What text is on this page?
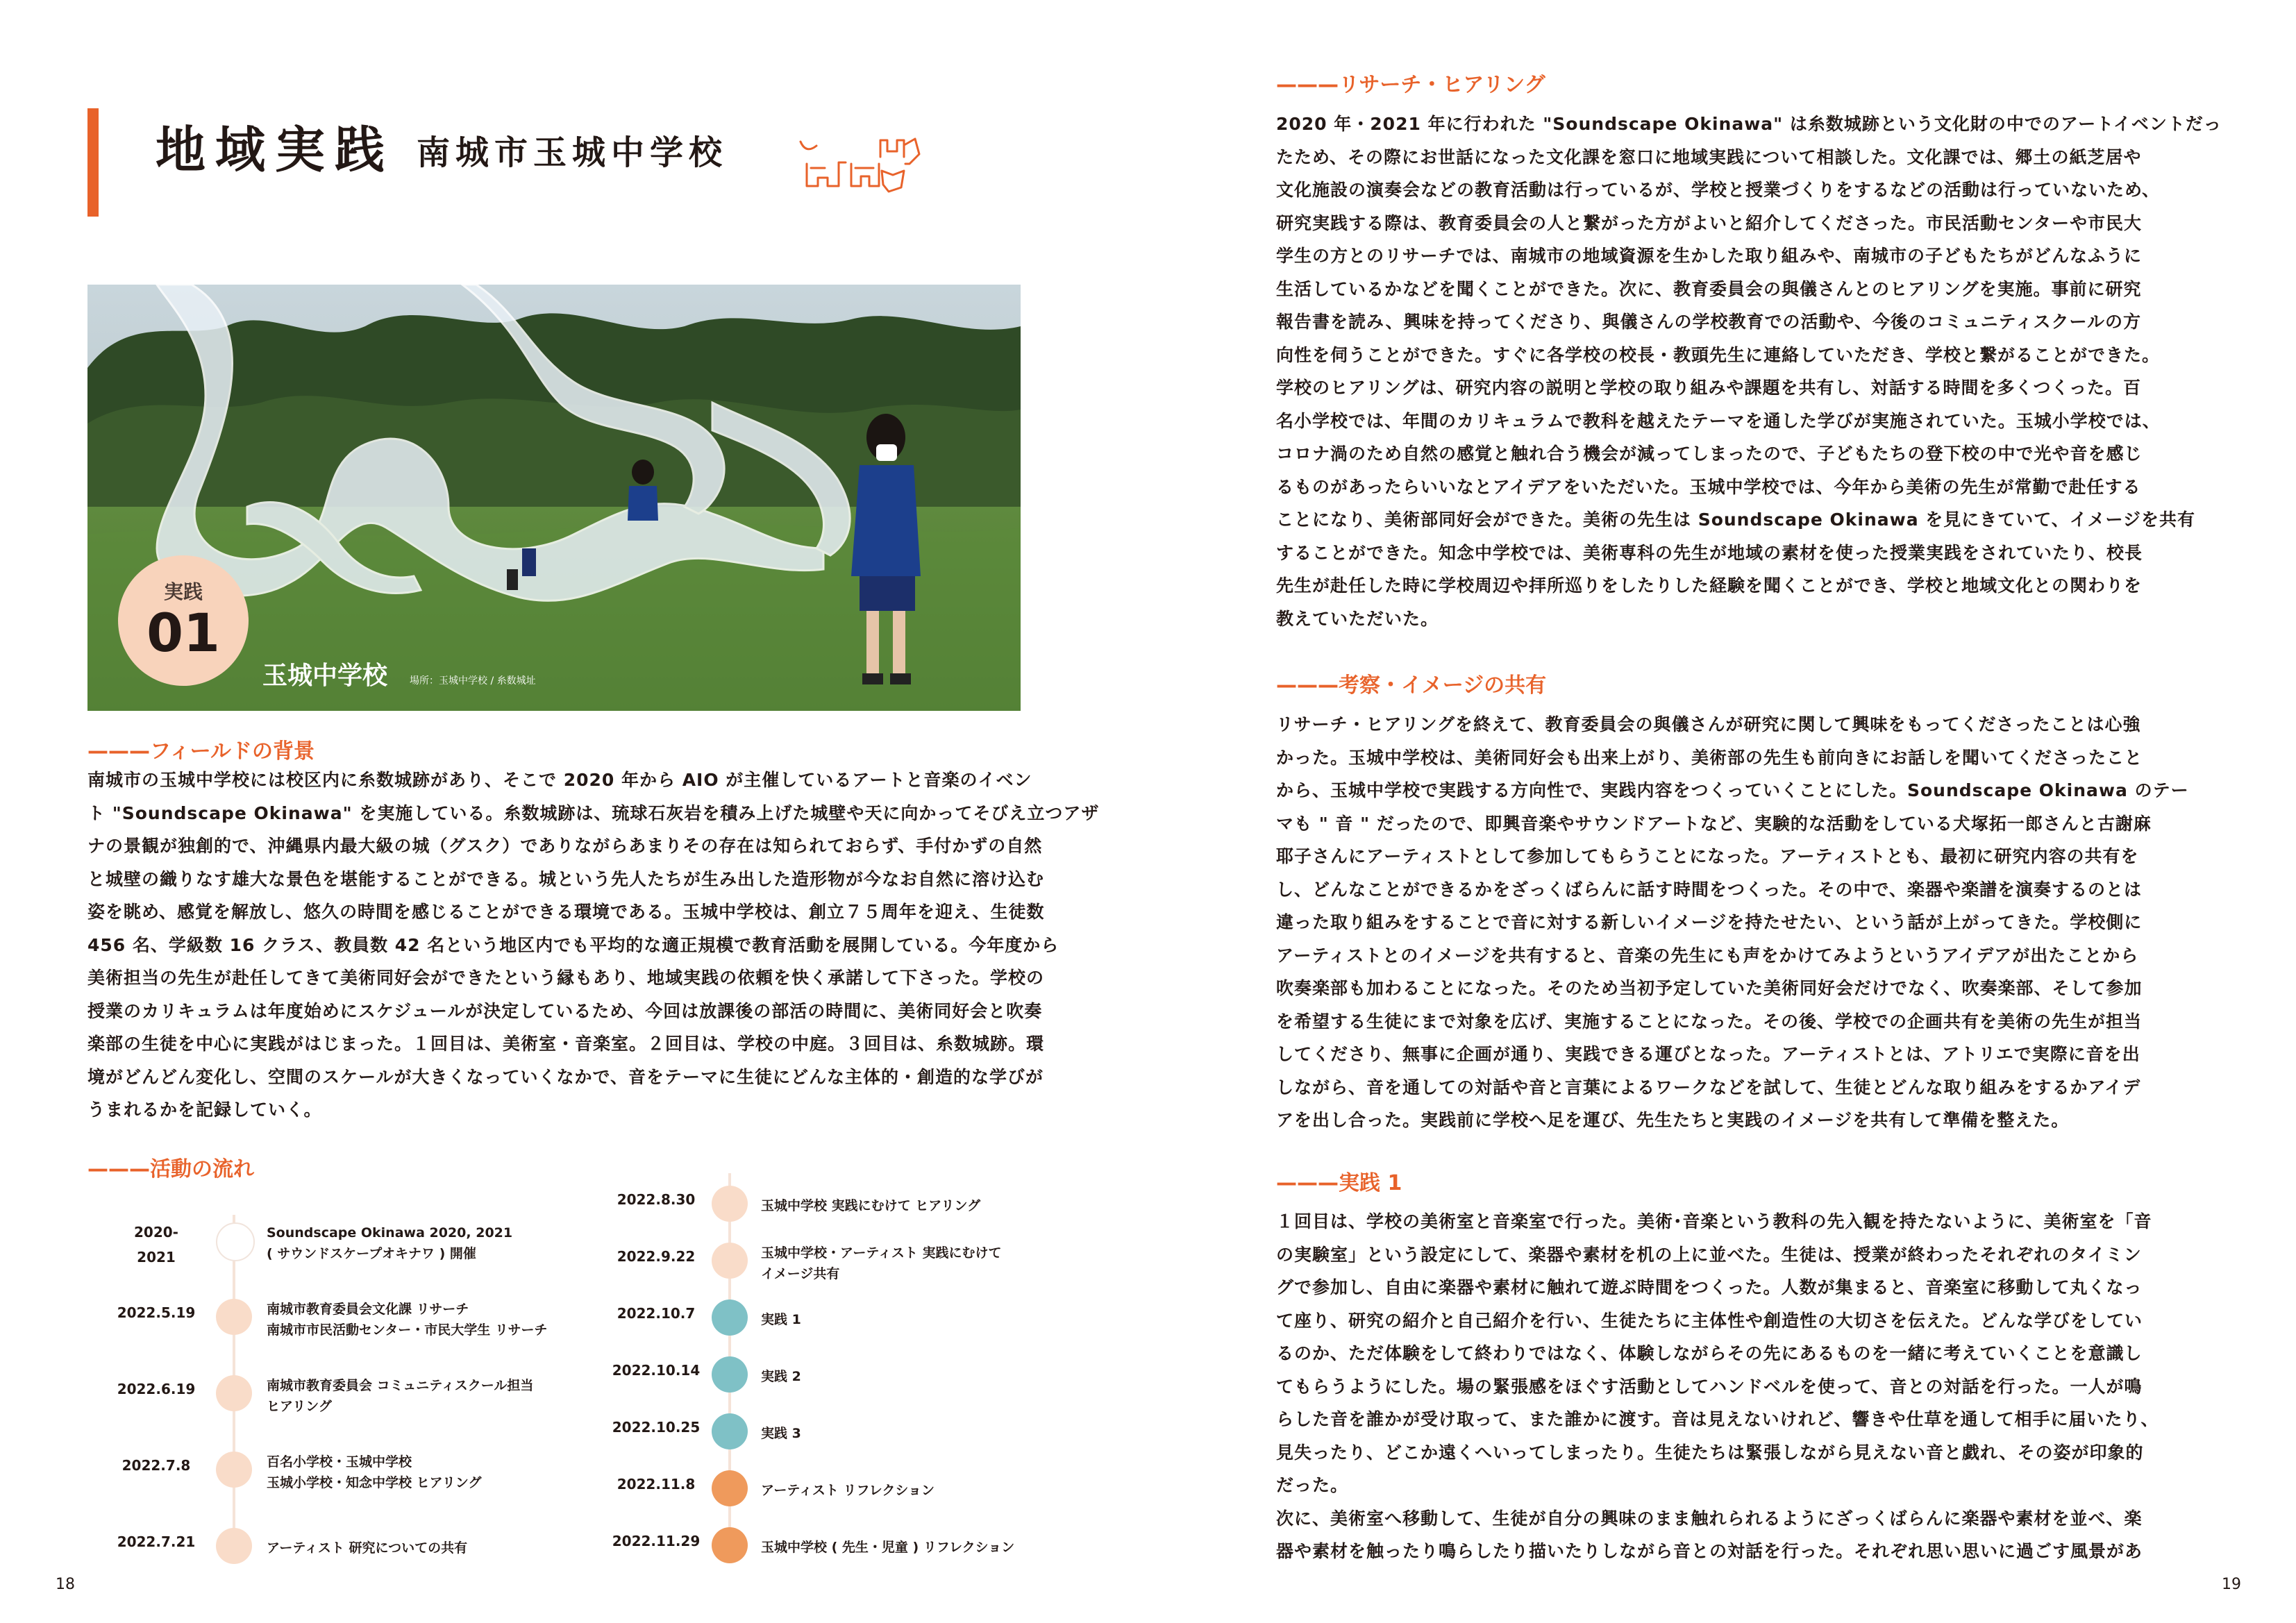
地域実践 南城市玉城中学校
実践
01
玉城中学校 場所：玉城中学校 / 糸数城址
———フィールドの背景
南城市の玉城中学校には校区内に糸数城跡があり、そこで 2020 年から AIO が主催しているアートと音楽のイベン
ト "Soundscape Okinawa" を実施している。糸数城跡は、琉球石灰岩を積み上げた城壁や天に向かってそびえ立つアザ
ナの景観が独創的で、沖縄県内最大級の城（グスク）でありながらあまりその存在は知られておらず、手付かずの自然
と城壁の織りなす雄大な景色を堪能することができる。城という先人たちが生み出した造形物が今なお自然に溶け込む
姿を眺め、感覚を解放し、悠久の時間を感じることができる環境である。玉城中学校は、創立７５周年を迎え、生徒数
456 名、学級数 16 クラス、教員数 42 名という地区内でも平均的な適正規模で教育活動を展開している。今年度から
美術担当の先生が赴任してきて美術同好会ができたという縁もあり、地域実践の依頼を快く承諾して下さった。学校の
授業のカリキュラムは年度始めにスケジュールが決定しているため、今回は放課後の部活の時間に、美術同好会と吹奏
楽部の生徒を中心に実践がはじまった。１回目は、美術室・音楽室。２回目は、学校の中庭。３回目は、糸数城跡。環
境がどんどん変化し、空間のスケールが大きくなっていくなかで、音をテーマに生徒にどんな主体的・創造的な学びが
うまれるかを記録していく。
———活動の流れ
2020-
2021
Soundscape Okinawa 2020, 2021
( サウンドスケープオキナワ ) 開催
2022.5.19	南城市教育委員会文化課 リサーチ
南城市市民活動センター・市民大学生 リサーチ
2022.6.19	南城市教育委員会 コミュニティスクール担当
ヒアリング
2022.7.8	百名小学校・玉城中学校
玉城小学校・知念中学校 ヒアリング
2022.7.21	アーティスト 研究についての共有
2022.8.30	玉城中学校 実践にむけて ヒアリング
2022.9.22	玉城中学校・アーティスト 実践にむけて
イメージ共有
2022.10.7	実践 1
2022.10.14	実践 2
2022.10.25	実践 3
2022.11.8	アーティスト リフレクション
2022.11.29	玉城中学校 ( 先生・児童 ) リフレクション
18
———リサーチ・ヒアリング
2020 年・2021 年に行われた "Soundscape Okinawa" は糸数城跡という文化財の中でのアートイベントだっ
たため、その際にお世話になった文化課を窓口に地域実践について相談した。文化課では、郷土の紙芝居や
文化施設の演奏会などの教育活動は行っているが、学校と授業づくりをするなどの活動は行っていないため、
研究実践する際は、教育委員会の人と繋がった方がよいと紹介してくださった。市民活動センターや市民大
学生の方とのリサーチでは、南城市の地域資源を生かした取り組みや、南城市の子どもたちがどんなふうに
生活しているかなどを聞くことができた。次に、教育委員会の與儀さんとのヒアリングを実施。事前に研究
報告書を読み、興味を持ってくださり、與儀さんの学校教育での活動や、今後のコミュニティスクールの方
向性を伺うことができた。すぐに各学校の校長・教頭先生に連絡していただき、学校と繋がることができた。
学校のヒアリングは、研究内容の説明と学校の取り組みや課題を共有し、対話する時間を多くつくった。百
名小学校では、年間のカリキュラムで教科を越えたテーマを通した学びが実施されていた。玉城小学校では、
コロナ渦のため自然の感覚と触れ合う機会が減ってしまったので、子どもたちの登下校の中で光や音を感じ
るものがあったらいいなとアイデアをいただいた。玉城中学校では、今年から美術の先生が常勤で赴任する
ことになり、美術部同好会ができた。美術の先生は Soundscape Okinawa を見にきていて、イメージを共有
することができた。知念中学校では、美術専科の先生が地域の素材を使った授業実践をされていたり、校長
先生が赴任した時に学校周辺や拝所巡りをしたりした経験を聞くことができ、学校と地域文化との関わりを
教えていただいた。
———考察・イメージの共有
リサーチ・ヒアリングを終えて、教育委員会の與儀さんが研究に関して興味をもってくださったことは心強
かった。玉城中学校は、美術同好会も出来上がり、美術部の先生も前向きにお話しを聞いてくださったこと
から、玉城中学校で実践する方向性で、実践内容をつくっていくことにした。Soundscape Okinawa のテー
マも " 音 " だったので、即興音楽やサウンドアートなど、実験的な活動をしている犬塚拓一郎さんと古謝麻
耶子さんにアーティストとして参加してもらうことになった。アーティストとも、最初に研究内容の共有を
し、どんなことができるかをざっくばらんに話す時間をつくった。その中で、楽器や楽譜を演奏するのとは
違った取り組みをすることで音に対する新しいイメージを持たせたい、という話が上がってきた。学校側に
アーティストとのイメージを共有すると、音楽の先生にも声をかけてみようというアイデアが出たことから
吹奏楽部も加わることになった。そのため当初予定していた美術同好会だけでなく、吹奏楽部、そして参加
を希望する生徒にまで対象を広げ、実施することになった。その後、学校での企画共有を美術の先生が担当
してくださり、無事に企画が通り、実践できる運びとなった。アーティストとは、アトリエで実際に音を出
しながら、音を通しての対話や音と言葉によるワークなどを試して、生徒とどんな取り組みをするかアイデ
アを出し合った。実践前に学校へ足を運び、先生たちと実践のイメージを共有して準備を整えた。
———実践 1
１回目は、学校の美術室と音楽室で行った。美術･音楽という教科の先入観を持たないように、美術室を「音
の実験室」という設定にして、楽器や素材を机の上に並べた。生徒は、授業が終わったそれぞれのタイミン
グで参加し、自由に楽器や素材に触れて遊ぶ時間をつくった。人数が集まると、音楽室に移動して丸くなっ
て座り、研究の紹介と自己紹介を行い、生徒たちに主体性や創造性の大切さを伝えた。どんな学びをしてい
るのか、ただ体験をして終わりではなく、体験しながらその先にあるものを一緒に考えていくことを意識し
てもらうようにした。場の緊張感をほぐす活動としてハンドベルを使って、音との対話を行った。一人が鳴
らした音を誰かが受け取って、また誰かに渡す。音は見えないけれど、響きや仕草を通して相手に届いたり、
見失ったり、どこか遠くへいってしまったり。生徒たちは緊張しながら見えない音と戯れ、その姿が印象的
だった。
次に、美術室へ移動して、生徒が自分の興味のまま触れられるようにざっくばらんに楽器や素材を並べ、楽
器や素材を触ったり鳴らしたり描いたりしながら音との対話を行った。それぞれ思い思いに過ごす風景があ
19
